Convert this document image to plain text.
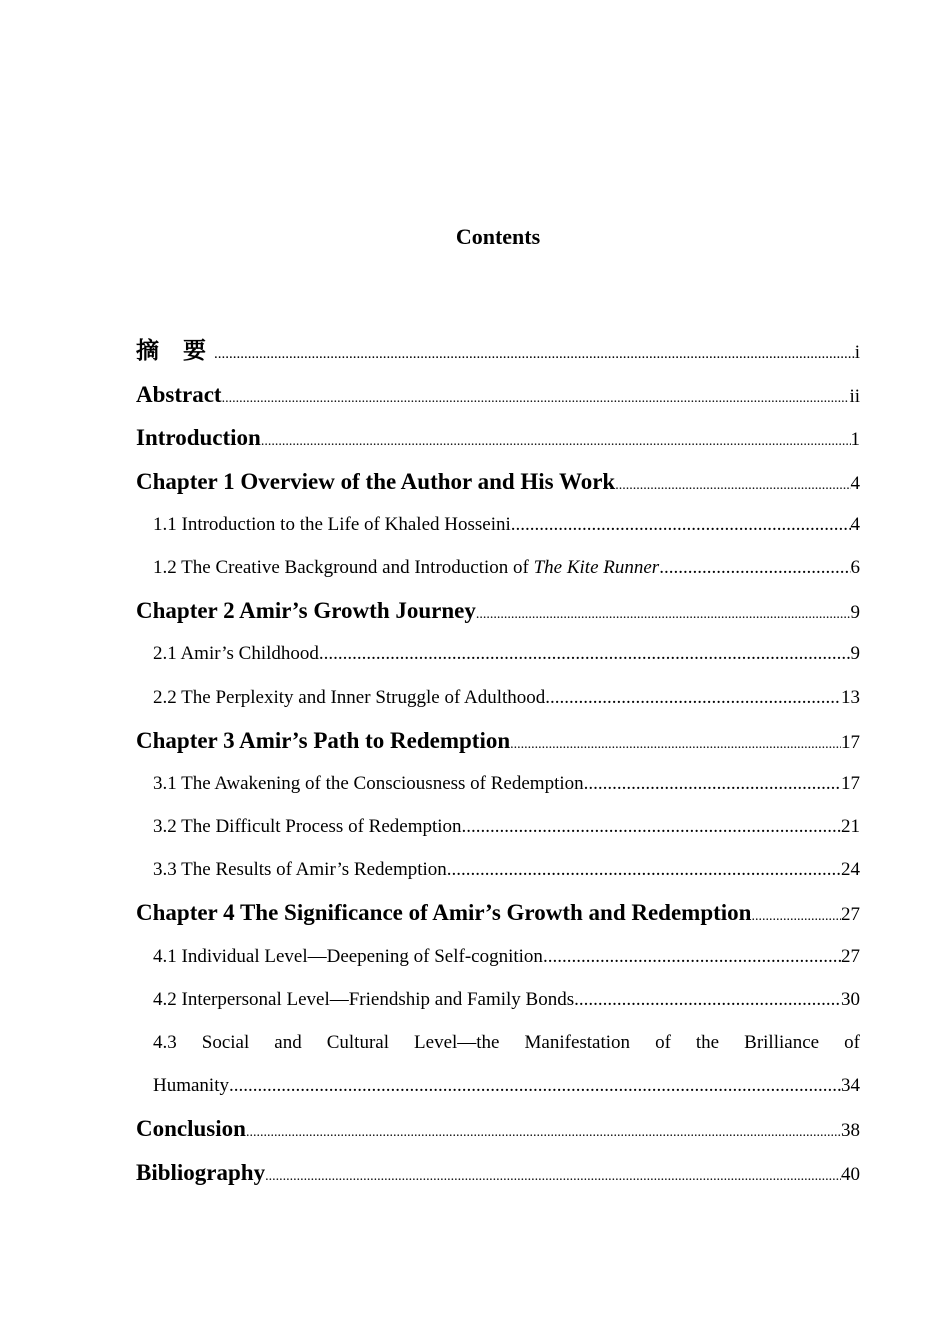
Contents
摘 要 .....	i
Abstract .....	ii
Introduction .....	1
Chapter 1 Overview of the Author and His Work .....	4
1.1 Introduction to the Life of Khaled Hosseini .....	4
1.2 The Creative Background and Introduction of The Kite Runner .....	6
Chapter 2 Amir’s Growth Journey .....	9
2.1 Amir’s Childhood .....	9
2.2 The Perplexity and Inner Struggle of Adulthood .....	13
Chapter 3 Amir’s Path to Redemption .....	17
3.1 The Awakening of the Consciousness of Redemption .....	17
3.2 The Difficult Process of Redemption .....	21
3.3 The Results of Amir’s Redemption .....	24
Chapter 4 The Significance of Amir’s Growth and Redemption .....	27
4.1 Individual Level—Deepening of Self-cognition .....	27
4.2 Interpersonal Level—Friendship and Family Bonds .....	30
4.3 Social and Cultural Level—the Manifestation of the Brilliance of
Humanity .....	34
Conclusion .....	38
Bibliography .....	40
